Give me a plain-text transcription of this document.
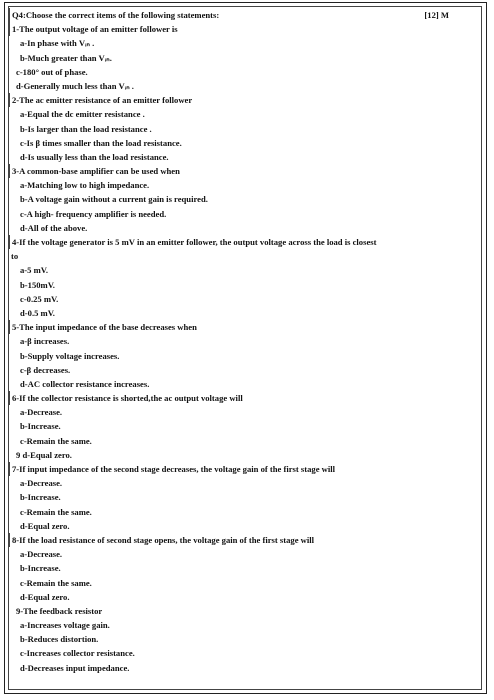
Q4:Choose the correct items of the following statements:	[12] M
1-The output voltage of an emitter follower is
a-In phase with Vᵢₙ .
b-Much greater than Vᵢₙ.
c-180° out of phase.
d-Generally much less than Vᵢₙ .
2-The ac emitter resistance of an emitter follower
a-Equal the dc emitter resistance .
b-Is larger than the load resistance .
c-Is β times smaller than the load resistance.
d-Is usually less than the load resistance.
3-A common-base amplifier can be used when
a-Matching low to high impedance.
b-A voltage gain without a current gain is required.
c-A high- frequency amplifier is needed.
d-All of the above.
4-If the voltage generator is 5 mV in an emitter follower, the output voltage across the load is closest
to
a-5 mV.
b-150mV.
c-0.25 mV.
d-0.5 mV.
5-The input impedance of the base decreases when
a-β increases.
b-Supply voltage increases.
c-β decreases.
d-AC collector resistance increases.
6-If the collector resistance is shorted,the ac output voltage will
a-Decrease.
b-Increase.
c-Remain the same.
9 d-Equal zero.
7-If input impedance of the second stage decreases, the voltage gain of the first stage will
a-Decrease.
b-Increase.
c-Remain the same.
d-Equal zero.
8-If the load resistance of second stage opens, the voltage gain of the first stage will
a-Decrease.
b-Increase.
c-Remain the same.
d-Equal zero.
9-The feedback resistor
a-Increases voltage gain.
b-Reduces distortion.
c-Increases collector resistance.
d-Decreases input impedance.
